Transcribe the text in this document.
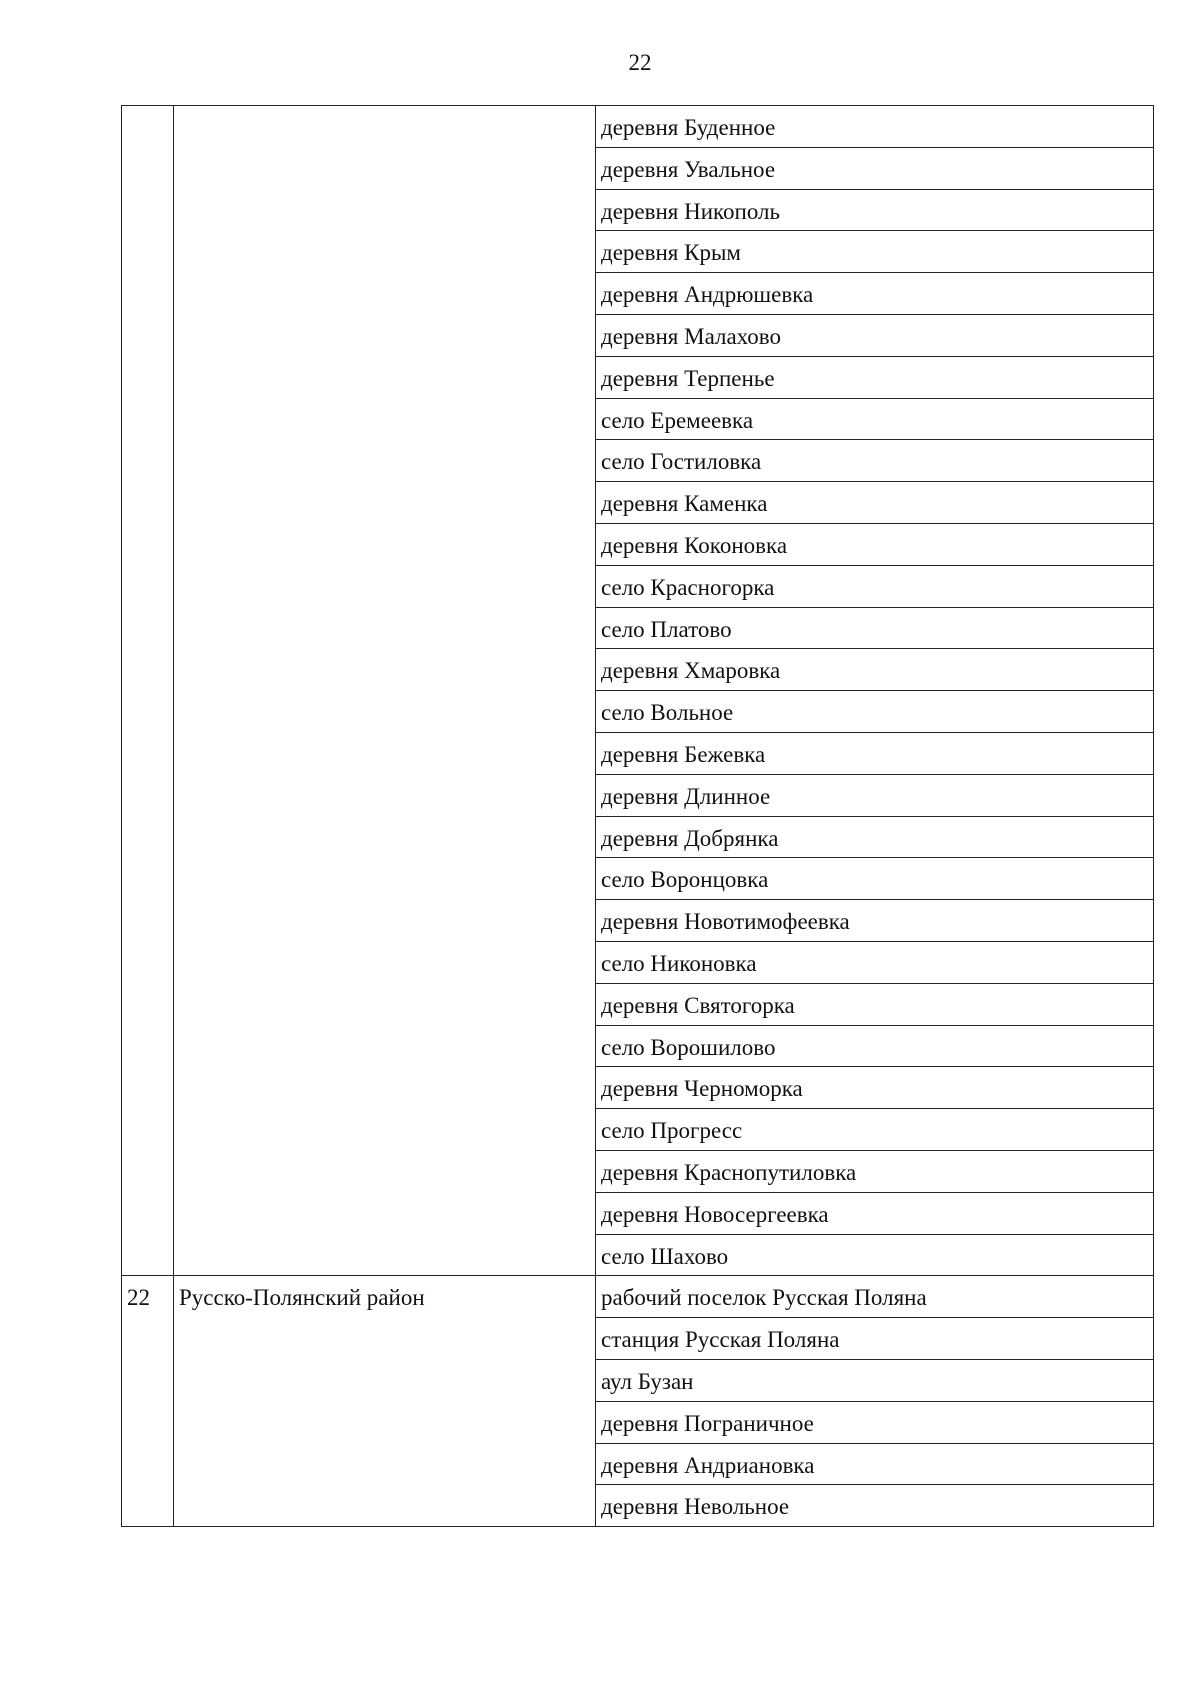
22
		деревня Буденное
		деревня Увальное
		деревня Никополь
		деревня Крым
		деревня Андрюшевка
		деревня Малахово
		деревня Терпенье
		село Еремеевка
		село Гостиловка
		деревня Каменка
		деревня Коконовка
		село Красногорка
		село Платово
		деревня Хмаровка
		село Вольное
		деревня Бежевка
		деревня Длинное
		деревня Добрянка
		село Воронцовка
		деревня Новотимофеевка
		село Никоновка
		деревня Святогорка
		село Ворошилово
		деревня Черноморка
		село Прогресс
		деревня Краснопутиловка
		деревня Новосергеевка
		село Шахово
22	Русско-Полянский район	рабочий поселок Русская Поляна
		станция Русская Поляна
		аул Бузан
		деревня Пограничное
		деревня Андриановка
		деревня Невольное
